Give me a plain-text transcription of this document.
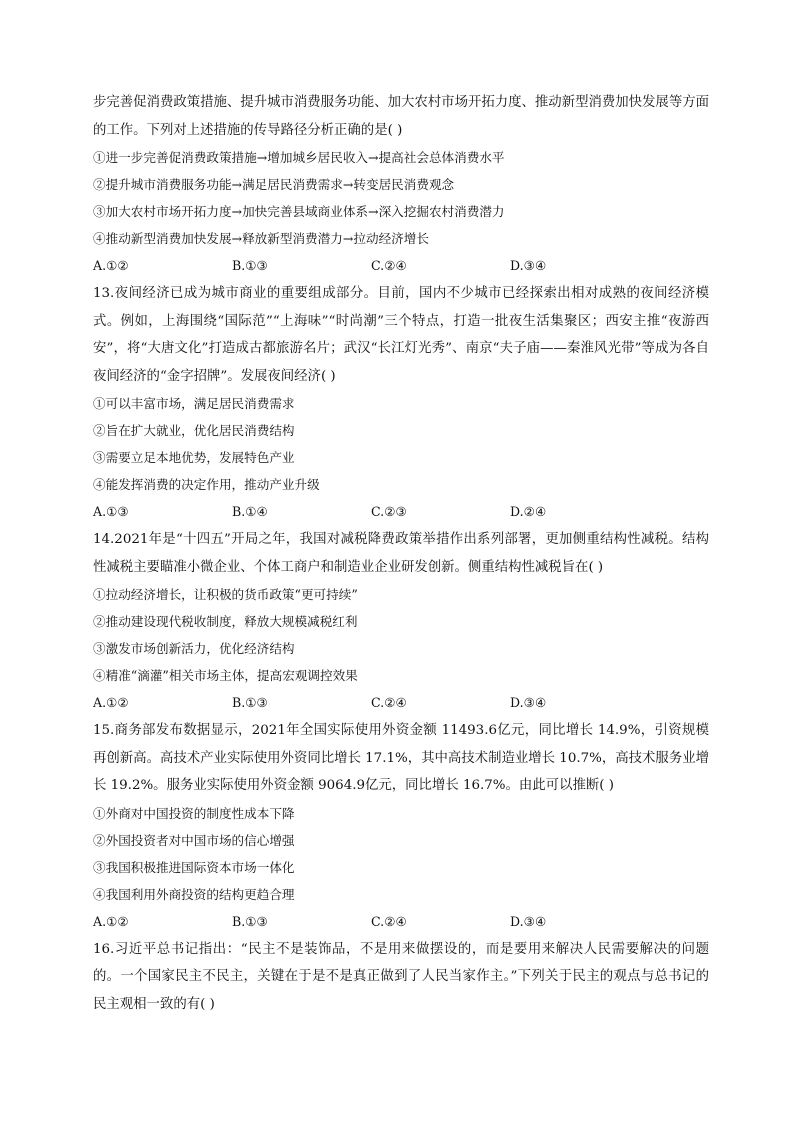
步完善促消费政策措施、提升城市消费服务功能、加大农村市场开拓力度、推动新型消费加快发展等方面的工作。下列对上述措施的传导路径分析正确的是( )

①进一步完善促消费政策措施→增加城乡居民收入→提高社会总体消费水平

②提升城市消费服务功能→满足居民消费需求→转变居民消费观念

③加大农村市场开拓力度→加快完善县域商业体系→深入挖掘农村消费潜力

④推动新型消费加快发展→释放新型消费潜力→拉动经济增长

A.①②	B.①③	C.②④	D.③④

13.夜间经济已成为城市商业的重要组成部分。目前，国内不少城市已经探索出相对成熟的夜间经济模式。例如，上海围绕“国际范”“上海味”“时尚潮”三个特点，打造一批夜生活集聚区；西安主推“夜游西安”，将“大唐文化”打造成古都旅游名片；武汉“长江灯光秀”、南京“夫子庙——秦淮风光带”等成为各自夜间经济的“金字招牌”。发展夜间经济( )

①可以丰富市场，满足居民消费需求

②旨在扩大就业，优化居民消费结构

③需要立足本地优势，发展特色产业

④能发挥消费的决定作用，推动产业升级

A.①③	B.①④	C.②③	D.②④

14.2021年是“十四五”开局之年，我国对减税降费政策举措作出系列部署，更加侧重结构性减税。结构性减税主要瞄准小微企业、个体工商户和制造业企业研发创新。侧重结构性减税旨在( )

①拉动经济增长，让积极的货币政策“更可持续”

②推动建设现代税收制度，释放大规模减税红利

③激发市场创新活力，优化经济结构

④精准“滴灌”相关市场主体，提高宏观调控效果

A.①②	B.①③	C.②④	D.③④

15.商务部发布数据显示，2021年全国实际使用外资金额 11493.6亿元，同比增长 14.9%，引资规模再创新高。高技术产业实际使用外资同比增长 17.1%，其中高技术制造业增长 10.7%，高技术服务业增长 19.2%。服务业实际使用外资金额 9064.9亿元，同比增长 16.7%。由此可以推断( )

①外商对中国投资的制度性成本下降

②外国投资者对中国市场的信心增强

③我国积极推进国际资本市场一体化

④我国利用外商投资的结构更趋合理

A.①②	B.①③	C.②④	D.③④

16.习近平总书记指出：“民主不是装饰品，不是用来做摆设的，而是要用来解决人民需要解决的问题的。一个国家民主不民主，关键在于是不是真正做到了人民当家作主。”下列关于民主的观点与总书记的民主观相一致的有( )
